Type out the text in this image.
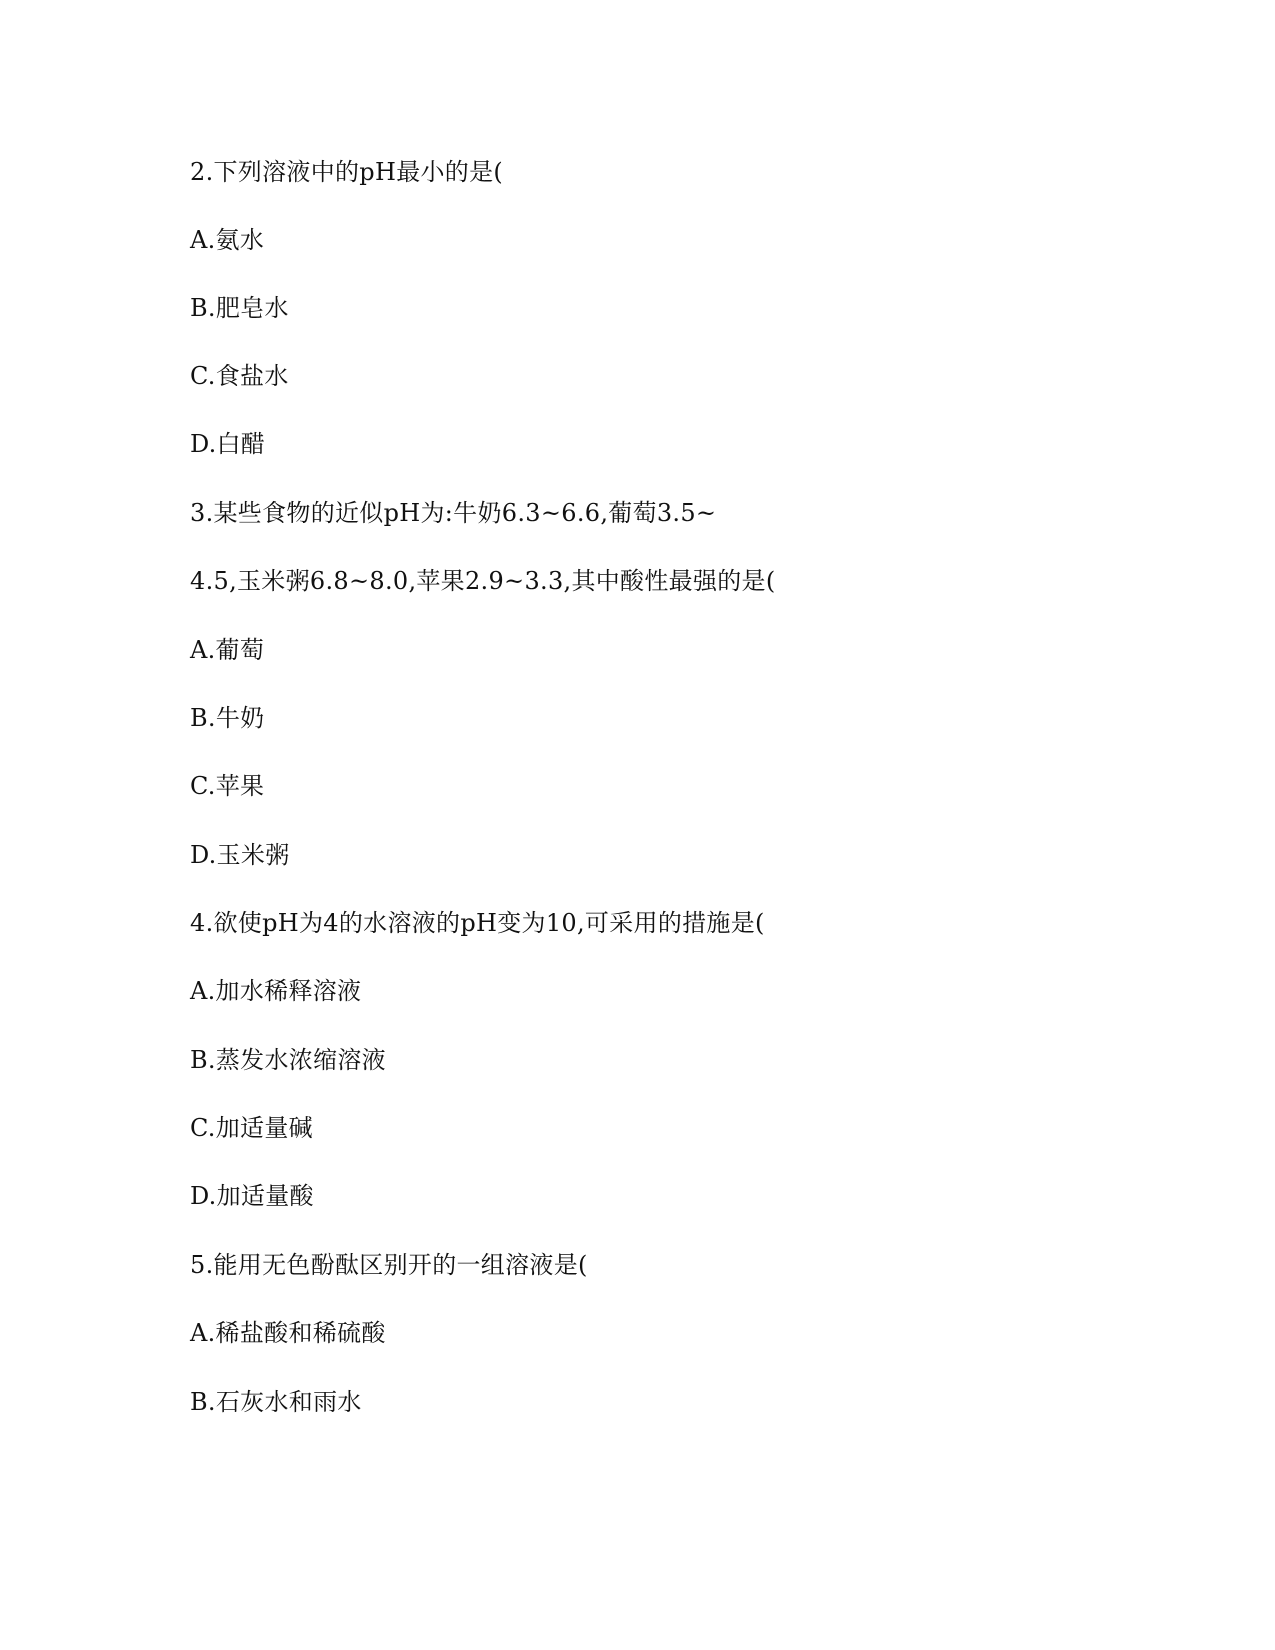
2.下列溶液中的pH最小的是(
A.氨水
B.肥皂水
C.食盐水
D.白醋
3.某些食物的近似pH为:牛奶6.3~6.6,葡萄3.5~
4.5,玉米粥6.8~8.0,苹果2.9~3.3,其中酸性最强的是(
A.葡萄
B.牛奶
C.苹果
D.玉米粥
4.欲使pH为4的水溶液的pH变为10,可采用的措施是(
A.加水稀释溶液
B.蒸发水浓缩溶液
C.加适量碱
D.加适量酸
5.能用无色酚酞区别开的一组溶液是(
A.稀盐酸和稀硫酸
B.石灰水和雨水
